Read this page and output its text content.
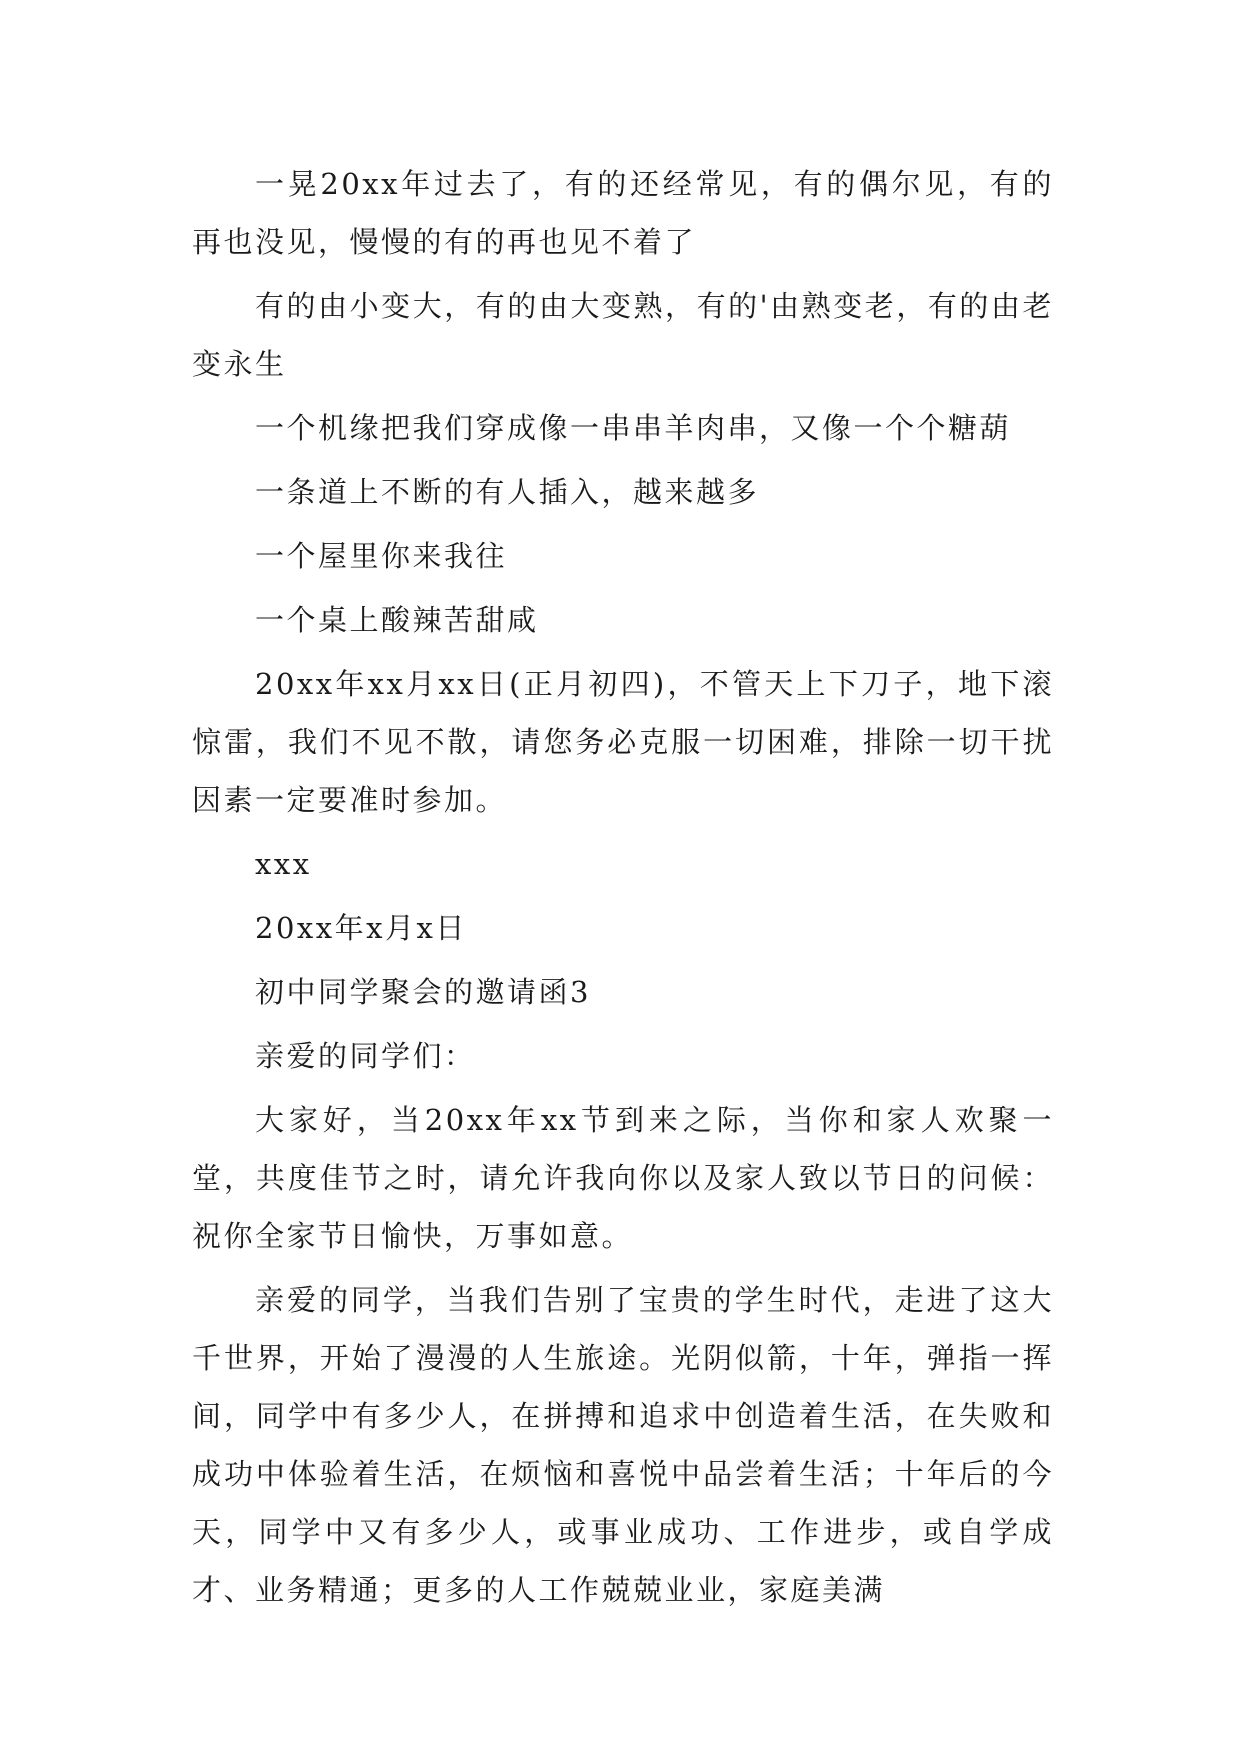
一晃20xx年过去了，有的还经常见，有的偶尔见，有的再也没见，慢慢的有的再也见不着了

有的由小变大，有的由大变熟，有的'由熟变老，有的由老变永生

一个机缘把我们穿成像一串串羊肉串，又像一个个糖葫

一条道上不断的有人插入，越来越多

一个屋里你来我往

一个桌上酸辣苦甜咸

20xx年xx月xx日(正月初四)，不管天上下刀子，地下滚惊雷，我们不见不散，请您务必克服一切困难，排除一切干扰因素一定要准时参加。

xxx

20xx年x月x日

初中同学聚会的邀请函3

亲爱的同学们：

大家好，当20xx年xx节到来之际，当你和家人欢聚一堂，共度佳节之时，请允许我向你以及家人致以节日的问候：祝你全家节日愉快，万事如意。

亲爱的同学，当我们告别了宝贵的学生时代，走进了这大千世界，开始了漫漫的人生旅途。光阴似箭，十年，弹指一挥间，同学中有多少人，在拼搏和追求中创造着生活，在失败和成功中体验着生活，在烦恼和喜悦中品尝着生活；十年后的今天，同学中又有多少人，或事业成功、工作进步，或自学成才、业务精通；更多的人工作兢兢业业，家庭美满
